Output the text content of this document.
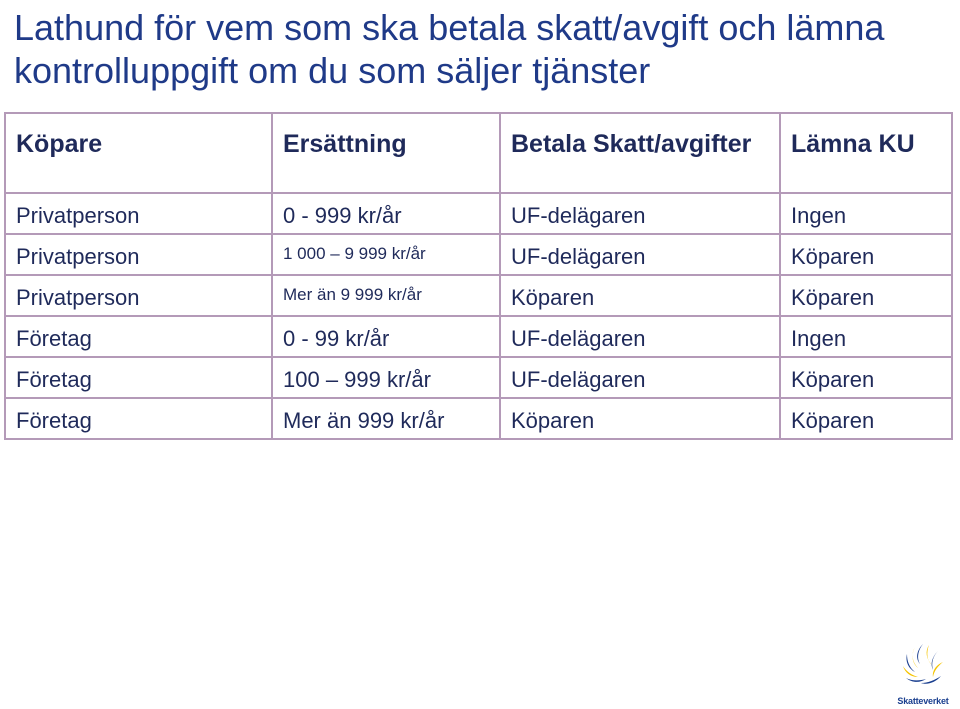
Lathund för vem som ska betala skatt/avgift och lämna kontrolluppgift om du som säljer tjänster
Köpare	Ersättning	Betala Skatt/avgifter	Lämna KU
Privatperson	0 - 999 kr/år	UF-delägaren	Ingen
Privatperson	1 000 – 9 999 kr/år	UF-delägaren	Köparen
Privatperson	Mer än 9 999 kr/år	Köparen	Köparen
Företag	0 - 99 kr/år	UF-delägaren	Ingen
Företag	100 – 999 kr/år	UF-delägaren	Köparen
Företag	Mer än 999 kr/år	Köparen	Köparen
Skatteverket
